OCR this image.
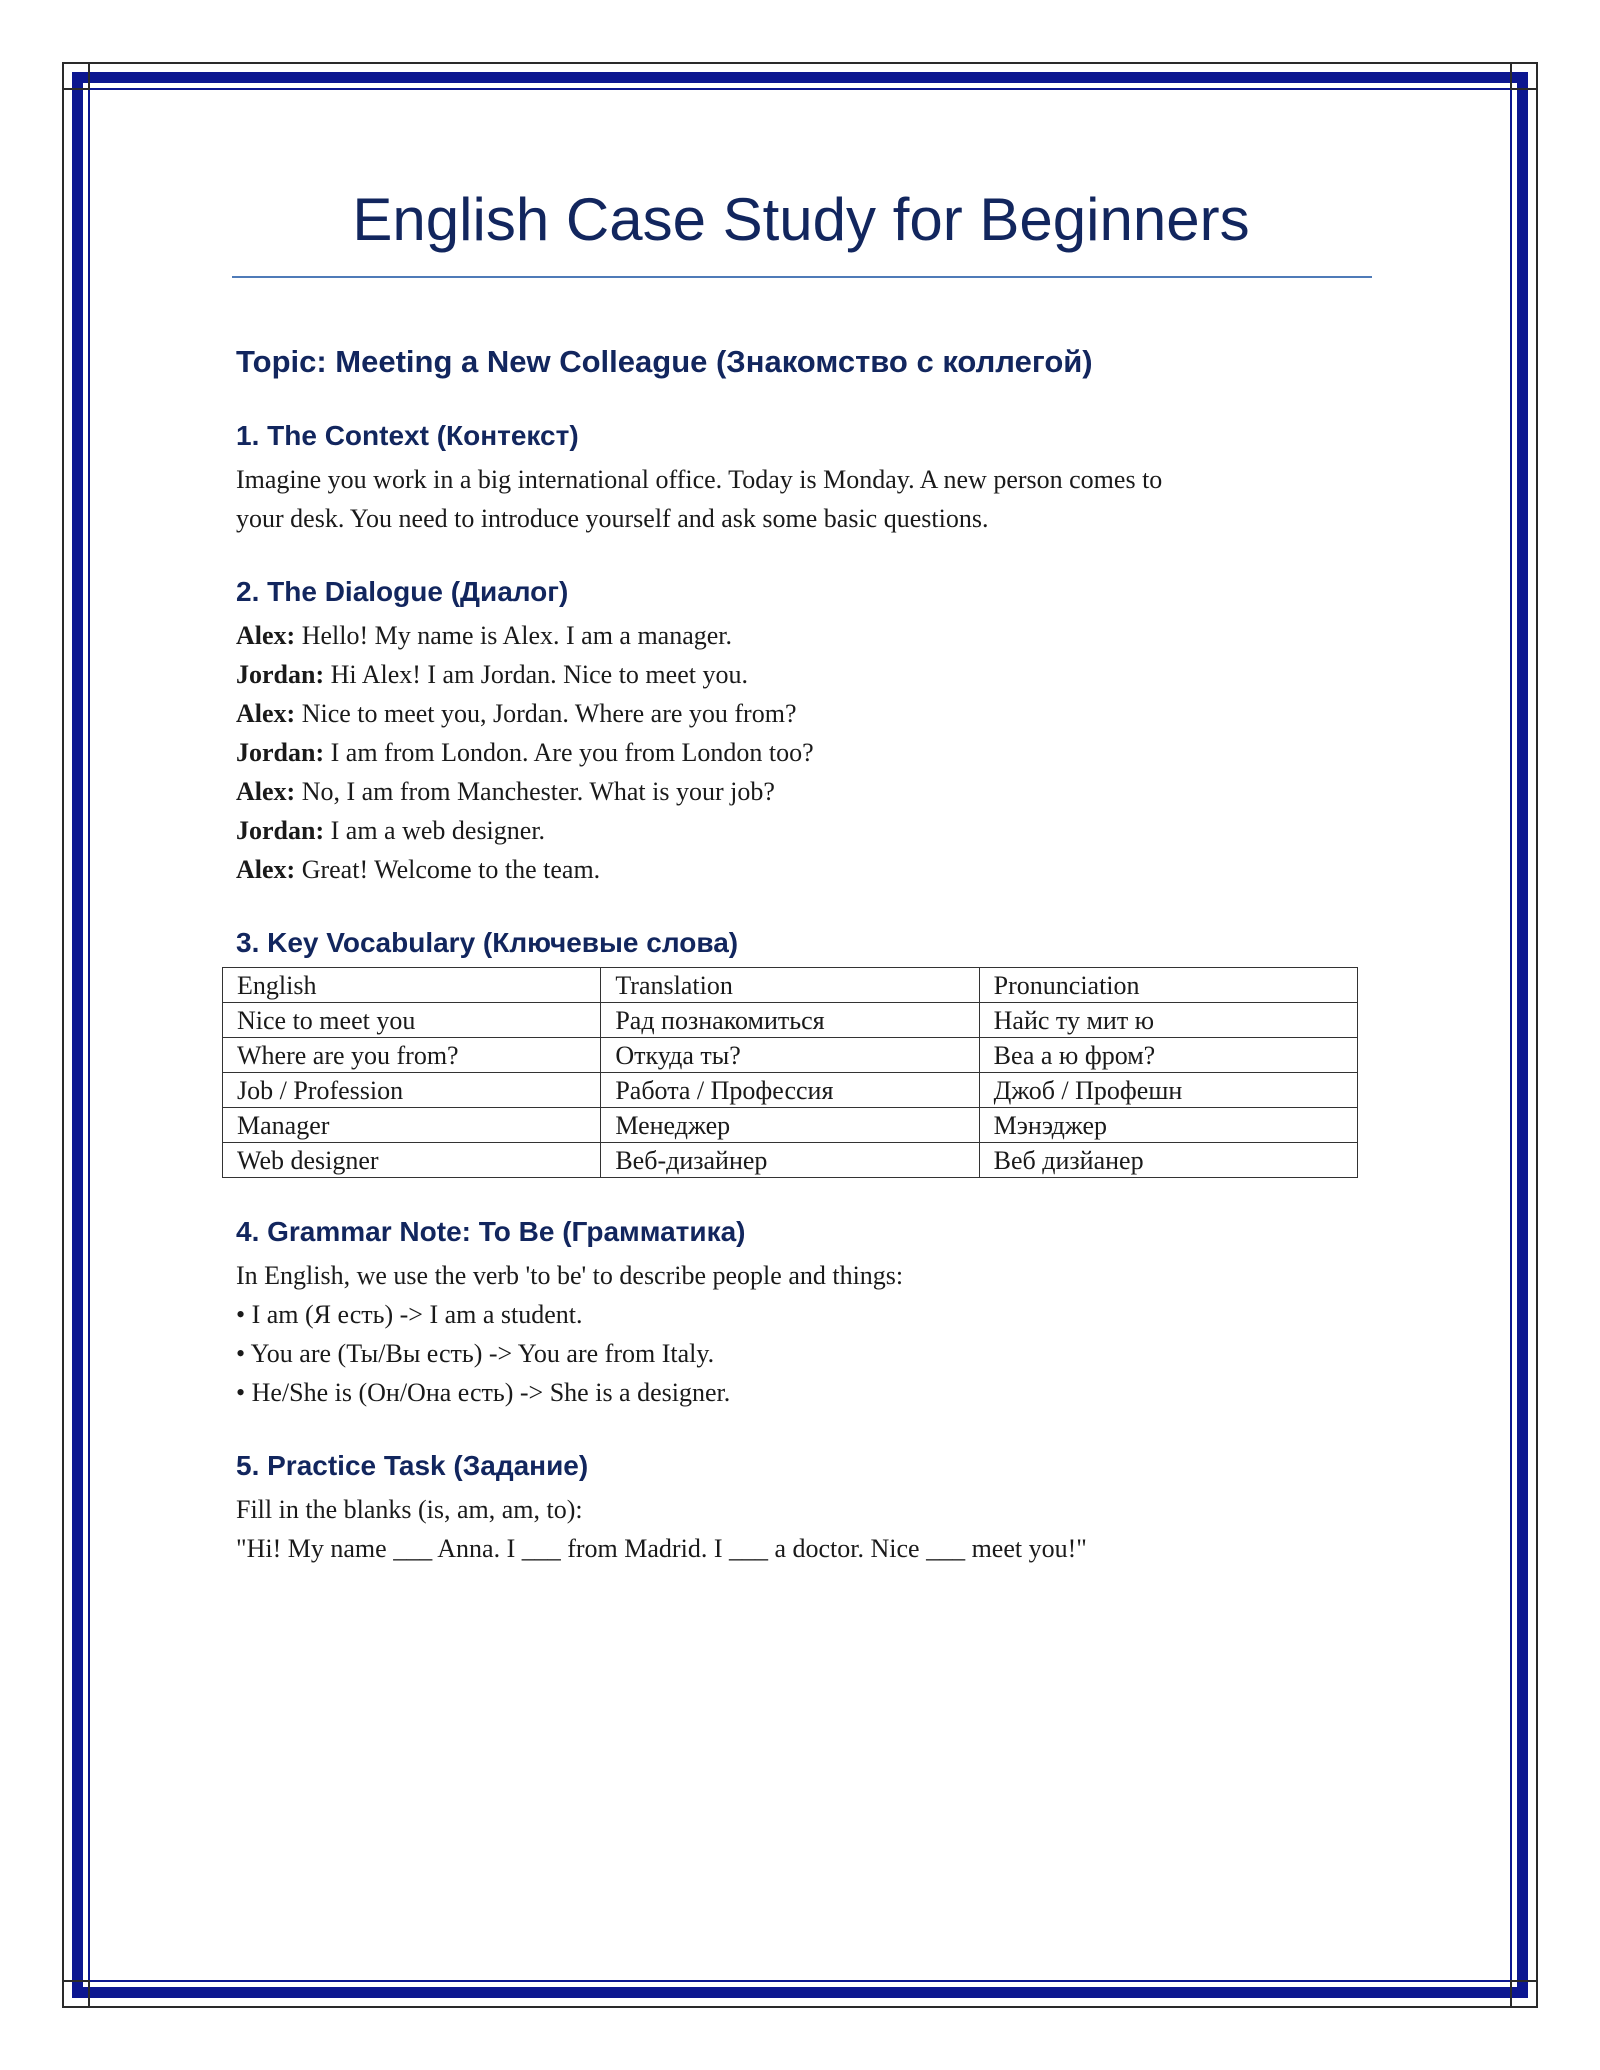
English Case Study for Beginners
Topic: Meeting a New Colleague (Знакомство с коллегой)
1. The Context (Контекст)
Imagine you work in a big international office. Today is Monday. A new person comes to
your desk. You need to introduce yourself and ask some basic questions.
2. The Dialogue (Диалог)
Alex: Hello! My name is Alex. I am a manager.
Jordan: Hi Alex! I am Jordan. Nice to meet you.
Alex: Nice to meet you, Jordan. Where are you from?
Jordan: I am from London. Are you from London too?
Alex: No, I am from Manchester. What is your job?
Jordan: I am a web designer.
Alex: Great! Welcome to the team.
3. Key Vocabulary (Ключевые слова)
English	Translation	Pronunciation
Nice to meet you	Рад познакомиться	Найс ту мит ю
Where are you from?	Откуда ты?	Веа а ю фром?
Job / Profession	Работа / Профессия	Джоб / Профешн
Manager	Менеджер	Мэнэджер
Web designer	Веб-дизайнер	Веб дизйанер
4. Grammar Note: To Be (Грамматика)
In English, we use the verb 'to be' to describe people and things:
• I am (Я есть) -> I am a student.
• You are (Ты/Вы есть) -> You are from Italy.
• He/She is (Он/Она есть) -> She is a designer.
5. Practice Task (Задание)
Fill in the blanks (is, am, am, to):
"Hi! My name ___ Anna. I ___ from Madrid. I ___ a doctor. Nice ___ meet you!"
